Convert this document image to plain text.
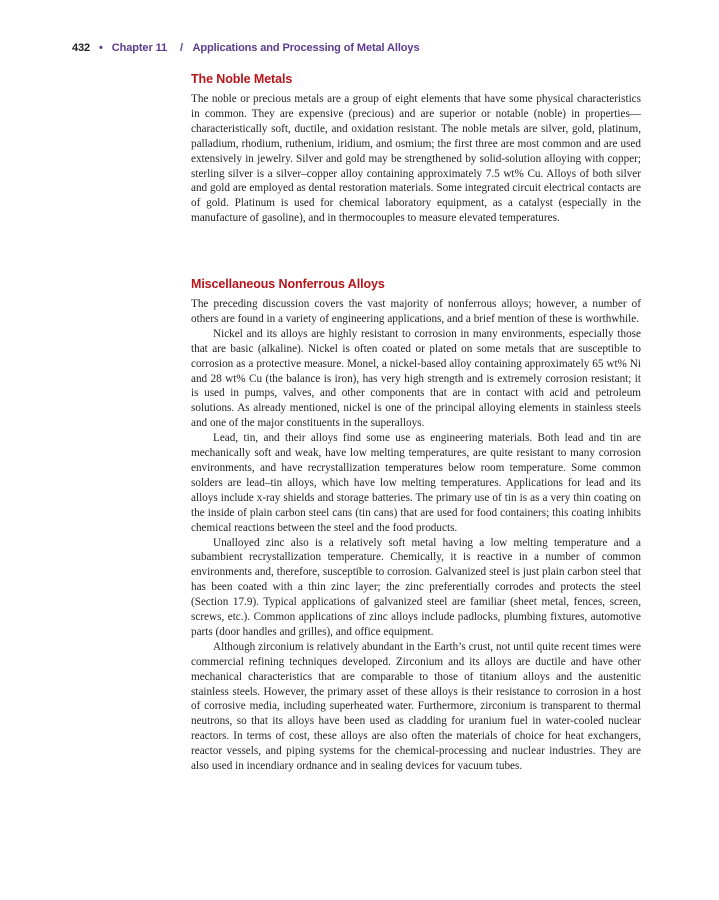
432 • Chapter 11 / Applications and Processing of Metal Alloys
The Noble Metals

The noble or precious metals are a group of eight elements that have some physical characteristics in common. They are expensive (precious) and are superior or notable (noble) in properties—characteristically soft, ductile, and oxidation resistant. The noble metals are silver, gold, platinum, palladium, rhodium, ruthenium, iridium, and osmium; the first three are most common and are used extensively in jewelry. Silver and gold may be strengthened by solid-solution alloying with copper; sterling silver is a silver–copper alloy containing approximately 7.5 wt% Cu. Alloys of both silver and gold are employed as dental restoration materials. Some integrated circuit electrical contacts are of gold. Platinum is used for chemical laboratory equipment, as a catalyst (especially in the manufacture of gasoline), and in thermocouples to measure elevated temperatures.

Miscellaneous Nonferrous Alloys

The preceding discussion covers the vast majority of nonferrous alloys; however, a number of others are found in a variety of engineering applications, and a brief mention of these is worthwhile.

Nickel and its alloys are highly resistant to corrosion in many environments, especially those that are basic (alkaline). Nickel is often coated or plated on some metals that are susceptible to corrosion as a protective measure. Monel, a nickel-based alloy containing approximately 65 wt% Ni and 28 wt% Cu (the balance is iron), has very high strength and is extremely corrosion resistant; it is used in pumps, valves, and other components that are in contact with acid and petroleum solutions. As already mentioned, nickel is one of the principal alloying elements in stainless steels and one of the major constituents in the superalloys.

Lead, tin, and their alloys find some use as engineering materials. Both lead and tin are mechanically soft and weak, have low melting temperatures, are quite resistant to many corrosion environments, and have recrystallization temperatures below room temperature. Some common solders are lead–tin alloys, which have low melting temperatures. Applications for lead and its alloys include x-ray shields and storage batteries. The primary use of tin is as a very thin coating on the inside of plain carbon steel cans (tin cans) that are used for food containers; this coating inhibits chemical reactions between the steel and the food products.

Unalloyed zinc also is a relatively soft metal having a low melting temperature and a subambient recrystallization temperature. Chemically, it is reactive in a number of common environments and, therefore, susceptible to corrosion. Galvanized steel is just plain carbon steel that has been coated with a thin zinc layer; the zinc preferentially corrodes and protects the steel (Section 17.9). Typical applications of galvanized steel are familiar (sheet metal, fences, screen, screws, etc.). Common applications of zinc alloys include padlocks, plumbing fixtures, automotive parts (door handles and grilles), and office equipment.

Although zirconium is relatively abundant in the Earth’s crust, not until quite recent times were commercial refining techniques developed. Zirconium and its alloys are ductile and have other mechanical characteristics that are comparable to those of titanium alloys and the austenitic stainless steels. However, the primary asset of these alloys is their resistance to corrosion in a host of corrosive media, including superheated water. Furthermore, zirconium is transparent to thermal neutrons, so that its alloys have been used as cladding for uranium fuel in water-cooled nuclear reactors. In terms of cost, these alloys are also often the materials of choice for heat exchangers, reactor vessels, and piping systems for the chemical-processing and nuclear industries. They are also used in incendiary ordnance and in sealing devices for vacuum tubes.
